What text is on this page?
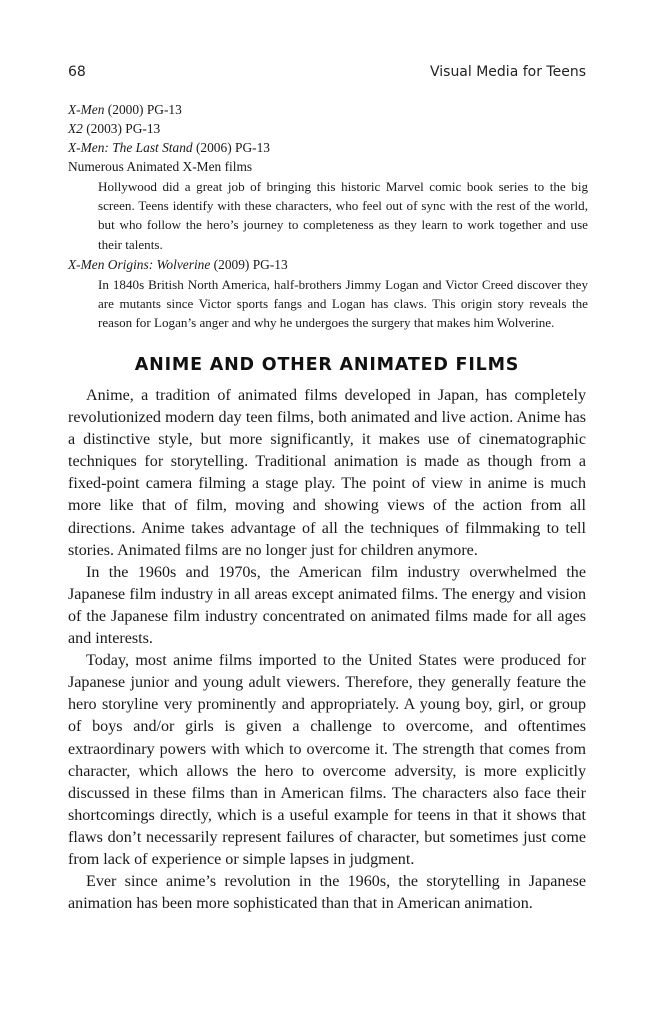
68	Visual Media for Teens

X-Men (2000) PG-13

X2 (2003) PG-13

X-Men: The Last Stand (2006) PG-13

Numerous Animated X-Men films

Hollywood did a great job of bringing this historic Marvel comic book series to the big screen. Teens identify with these characters, who feel out of sync with the rest of the world, but who follow the hero’s journey to completeness as they learn to work together and use their talents.

X-Men Origins: Wolverine (2009) PG-13

In 1840s British North America, half-brothers Jimmy Logan and Victor Creed discover they are mutants since Victor sports fangs and Logan has claws. This origin story reveals the reason for Logan’s anger and why he undergoes the surgery that makes him Wolverine.

ANIME AND OTHER ANIMATED FILMS

Anime, a tradition of animated films developed in Japan, has completely revolutionized modern day teen films, both animated and live action. Anime has a distinctive style, but more significantly, it makes use of cinematographic techniques for storytelling. Traditional animation is made as though from a fixed-point camera filming a stage play. The point of view in anime is much more like that of film, moving and showing views of the action from all directions. Anime takes advantage of all the techniques of filmmaking to tell stories. Animated films are no longer just for children anymore.

In the 1960s and 1970s, the American film industry overwhelmed the Japanese film industry in all areas except animated films. The energy and vision of the Japanese film industry concentrated on animated films made for all ages and interests.

Today, most anime films imported to the United States were produced for Japanese junior and young adult viewers. Therefore, they generally feature the hero storyline very prominently and appropriately. A young boy, girl, or group of boys and/or girls is given a challenge to overcome, and oftentimes extraordinary powers with which to overcome it. The strength that comes from character, which allows the hero to overcome adversity, is more explicitly discussed in these films than in American films. The characters also face their shortcomings directly, which is a useful example for teens in that it shows that flaws don’t necessarily represent failures of character, but sometimes just come from lack of experience or simple lapses in judgment.

Ever since anime’s revolution in the 1960s, the storytelling in Japanese animation has been more sophisticated than that in American animation.
